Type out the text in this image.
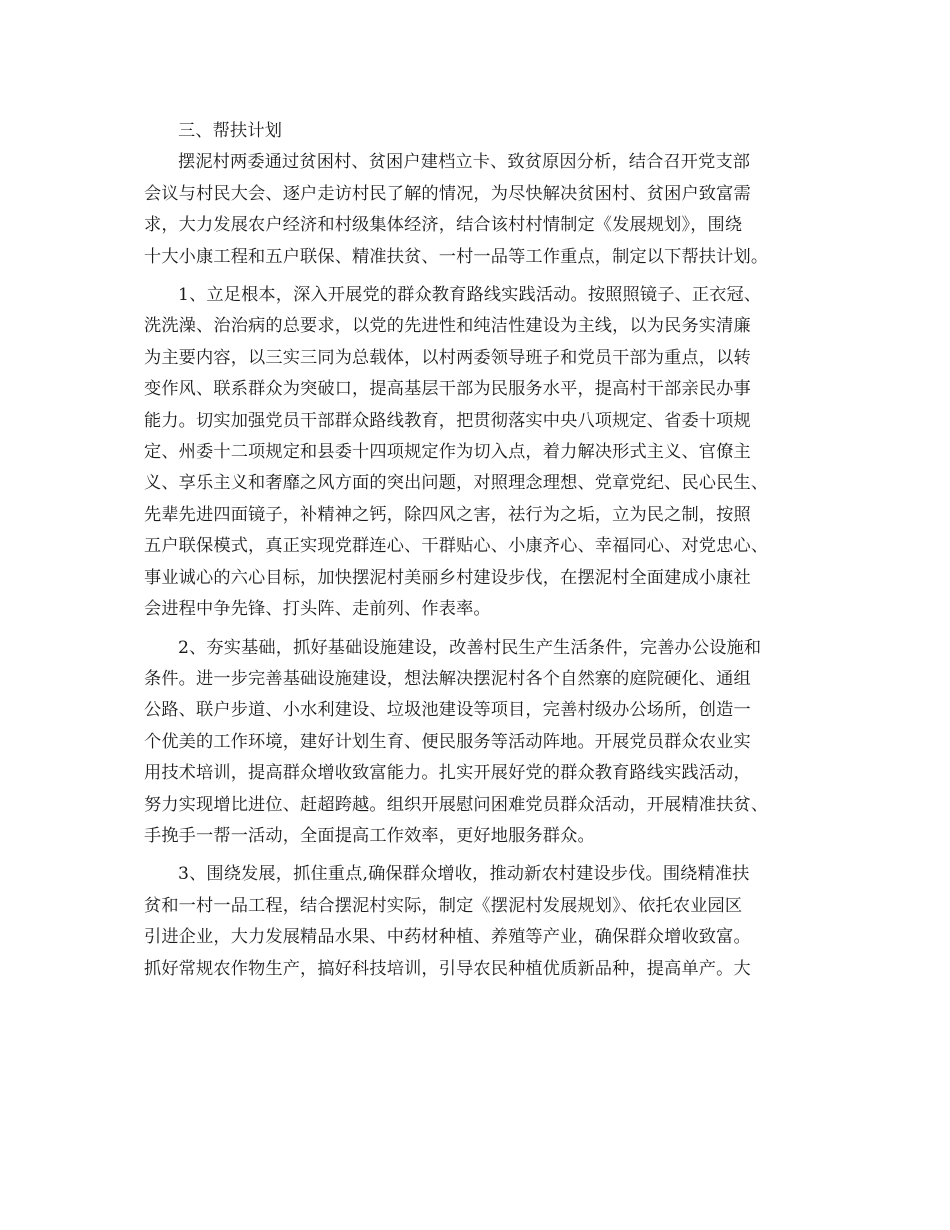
三、帮扶计划
摆泥村两委通过贫困村、贫困户建档立卡、致贫原因分析，结合召开党支部
会议与村民大会、逐户走访村民了解的情况，为尽快解决贫困村、贫困户致富需
求，大力发展农户经济和村级集体经济，结合该村村情制定《发展规划》，围绕
十大小康工程和五户联保、精准扶贫、一村一品等工作重点，制定以下帮扶计划。
1、立足根本，深入开展党的群众教育路线实践活动。按照照镜子、正衣冠、
洗洗澡、治治病的总要求，以党的先进性和纯洁性建设为主线，以为民务实清廉
为主要内容，以三实三同为总载体，以村两委领导班子和党员干部为重点，以转
变作风、联系群众为突破口，提高基层干部为民服务水平，提高村干部亲民办事
能力。切实加强党员干部群众路线教育，把贯彻落实中央八项规定、省委十项规
定、州委十二项规定和县委十四项规定作为切入点，着力解决形式主义、官僚主
义、享乐主义和奢靡之风方面的突出问题，对照理念理想、党章党纪、民心民生、
先辈先进四面镜子，补精神之钙，除四风之害，祛行为之垢，立为民之制，按照
五户联保模式，真正实现党群连心、干群贴心、小康齐心、幸福同心、对党忠心、
事业诚心的六心目标，加快摆泥村美丽乡村建设步伐，在摆泥村全面建成小康社
会进程中争先锋、打头阵、走前列、作表率。
2、夯实基础，抓好基础设施建设，改善村民生产生活条件，完善办公设施和
条件。进一步完善基础设施建设，想法解决摆泥村各个自然寨的庭院硬化、通组
公路、联户步道、小水利建设、垃圾池建设等项目，完善村级办公场所，创造一
个优美的工作环境，建好计划生育、便民服务等活动阵地。开展党员群众农业实
用技术培训，提高群众增收致富能力。扎实开展好党的群众教育路线实践活动，
努力实现增比进位、赶超跨越。组织开展慰问困难党员群众活动，开展精准扶贫、
手挽手一帮一活动，全面提高工作效率，更好地服务群众。
3、围绕发展，抓住重点,确保群众增收，推动新农村建设步伐。围绕精准扶
贫和一村一品工程，结合摆泥村实际，制定《摆泥村发展规划》、依托农业园区
引进企业，大力发展精品水果、中药材种植、养殖等产业，确保群众增收致富。
抓好常规农作物生产，搞好科技培训，引导农民种植优质新品种，提高单产。大
